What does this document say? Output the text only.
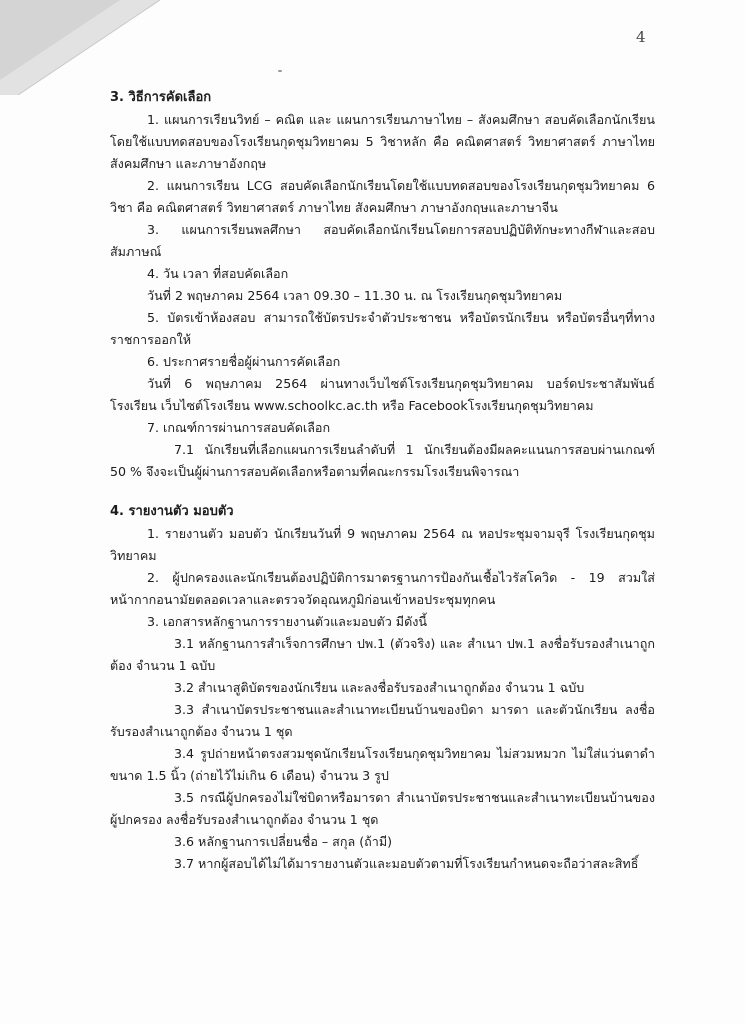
4

3. วิธีการคัดเลือก

1. แผนการเรียนวิทย์ – คณิต และ แผนการเรียนภาษาไทย – สังคมศึกษา สอบคัดเลือกนักเรียนโดยใช้แบบทดสอบของโรงเรียนกุดชุมวิทยาคม 5 วิชาหลัก คือ คณิตศาสตร์ วิทยาศาสตร์ ภาษาไทย สังคมศึกษา และภาษาอังกฤษ

2. แผนการเรียน LCG สอบคัดเลือกนักเรียนโดยใช้แบบทดสอบของโรงเรียนกุดชุมวิทยาคม 6 วิชา คือ คณิตศาสตร์ วิทยาศาสตร์ ภาษาไทย สังคมศึกษา ภาษาอังกฤษและภาษาจีน

3. แผนการเรียนพลศึกษา สอบคัดเลือกนักเรียนโดยการสอบปฏิบัติทักษะทางกีฬาและสอบสัมภาษณ์

4. วัน เวลา ที่สอบคัดเลือก

วันที่ 2 พฤษภาคม 2564 เวลา 09.30 – 11.30 น. ณ โรงเรียนกุดชุมวิทยาคม

5. บัตรเข้าห้องสอบ สามารถใช้บัตรประจำตัวประชาชน หรือบัตรนักเรียน หรือบัตรอื่นๆที่ทางราชการออกให้

6. ประกาศรายชื่อผู้ผ่านการคัดเลือก

วันที่ 6 พฤษภาคม 2564 ผ่านทางเว็บไซต์โรงเรียนกุดชุมวิทยาคม บอร์ดประชาสัมพันธ์โรงเรียน เว็บไซต์โรงเรียน www.schoolkc.ac.th หรือ Facebookโรงเรียนกุดชุมวิทยาคม

7. เกณฑ์การผ่านการสอบคัดเลือก

7.1 นักเรียนที่เลือกแผนการเรียนลำดับที่ 1 นักเรียนต้องมีผลคะแนนการสอบผ่านเกณฑ์ 50 % จึงจะเป็นผู้ผ่านการสอบคัดเลือกหรือตามที่คณะกรรมโรงเรียนพิจารณา

4. รายงานตัว มอบตัว

1. รายงานตัว มอบตัว นักเรียนวันที่ 9 พฤษภาคม 2564 ณ หอประชุมจามจุรี โรงเรียนกุดชุมวิทยาคม

2. ผู้ปกครองและนักเรียนต้องปฏิบัติการมาตรฐานการป้องกันเชื้อไวรัสโควิด - 19 สวมใส่หน้ากากอนามัยตลอดเวลาและตรวจวัดอุณหภูมิก่อนเข้าหอประชุมทุกคน

3. เอกสารหลักฐานการรายงานตัวและมอบตัว มีดังนี้

3.1 หลักฐานการสำเร็จการศึกษา ปพ.1 (ตัวจริง) และ สำเนา ปพ.1 ลงชื่อรับรองสำเนาถูกต้อง จำนวน 1 ฉบับ

3.2 สำเนาสูติบัตรของนักเรียน และลงชื่อรับรองสำเนาถูกต้อง จำนวน 1 ฉบับ

3.3 สำเนาบัตรประชาชนและสำเนาทะเบียนบ้านของบิดา มารดา และตัวนักเรียน ลงชื่อรับรองสำเนาถูกต้อง จำนวน 1 ชุด

3.4 รูปถ่ายหน้าตรงสวมชุดนักเรียนโรงเรียนกุดชุมวิทยาคม ไม่สวมหมวก ไม่ใส่แว่นตาดำ ขนาด 1.5 นิ้ว (ถ่ายไว้ไม่เกิน 6 เดือน) จำนวน 3 รูป

3.5 กรณีผู้ปกครองไม่ใช่บิดาหรือมารดา สำเนาบัตรประชาชนและสำเนาทะเบียนบ้านของผู้ปกครอง ลงชื่อรับรองสำเนาถูกต้อง จำนวน 1 ชุด

3.6 หลักฐานการเปลี่ยนชื่อ – สกุล (ถ้ามี)

3.7 หากผู้สอบได้ไม่ได้มารายงานตัวและมอบตัวตามที่โรงเรียนกำหนดจะถือว่าสละสิทธิ์
